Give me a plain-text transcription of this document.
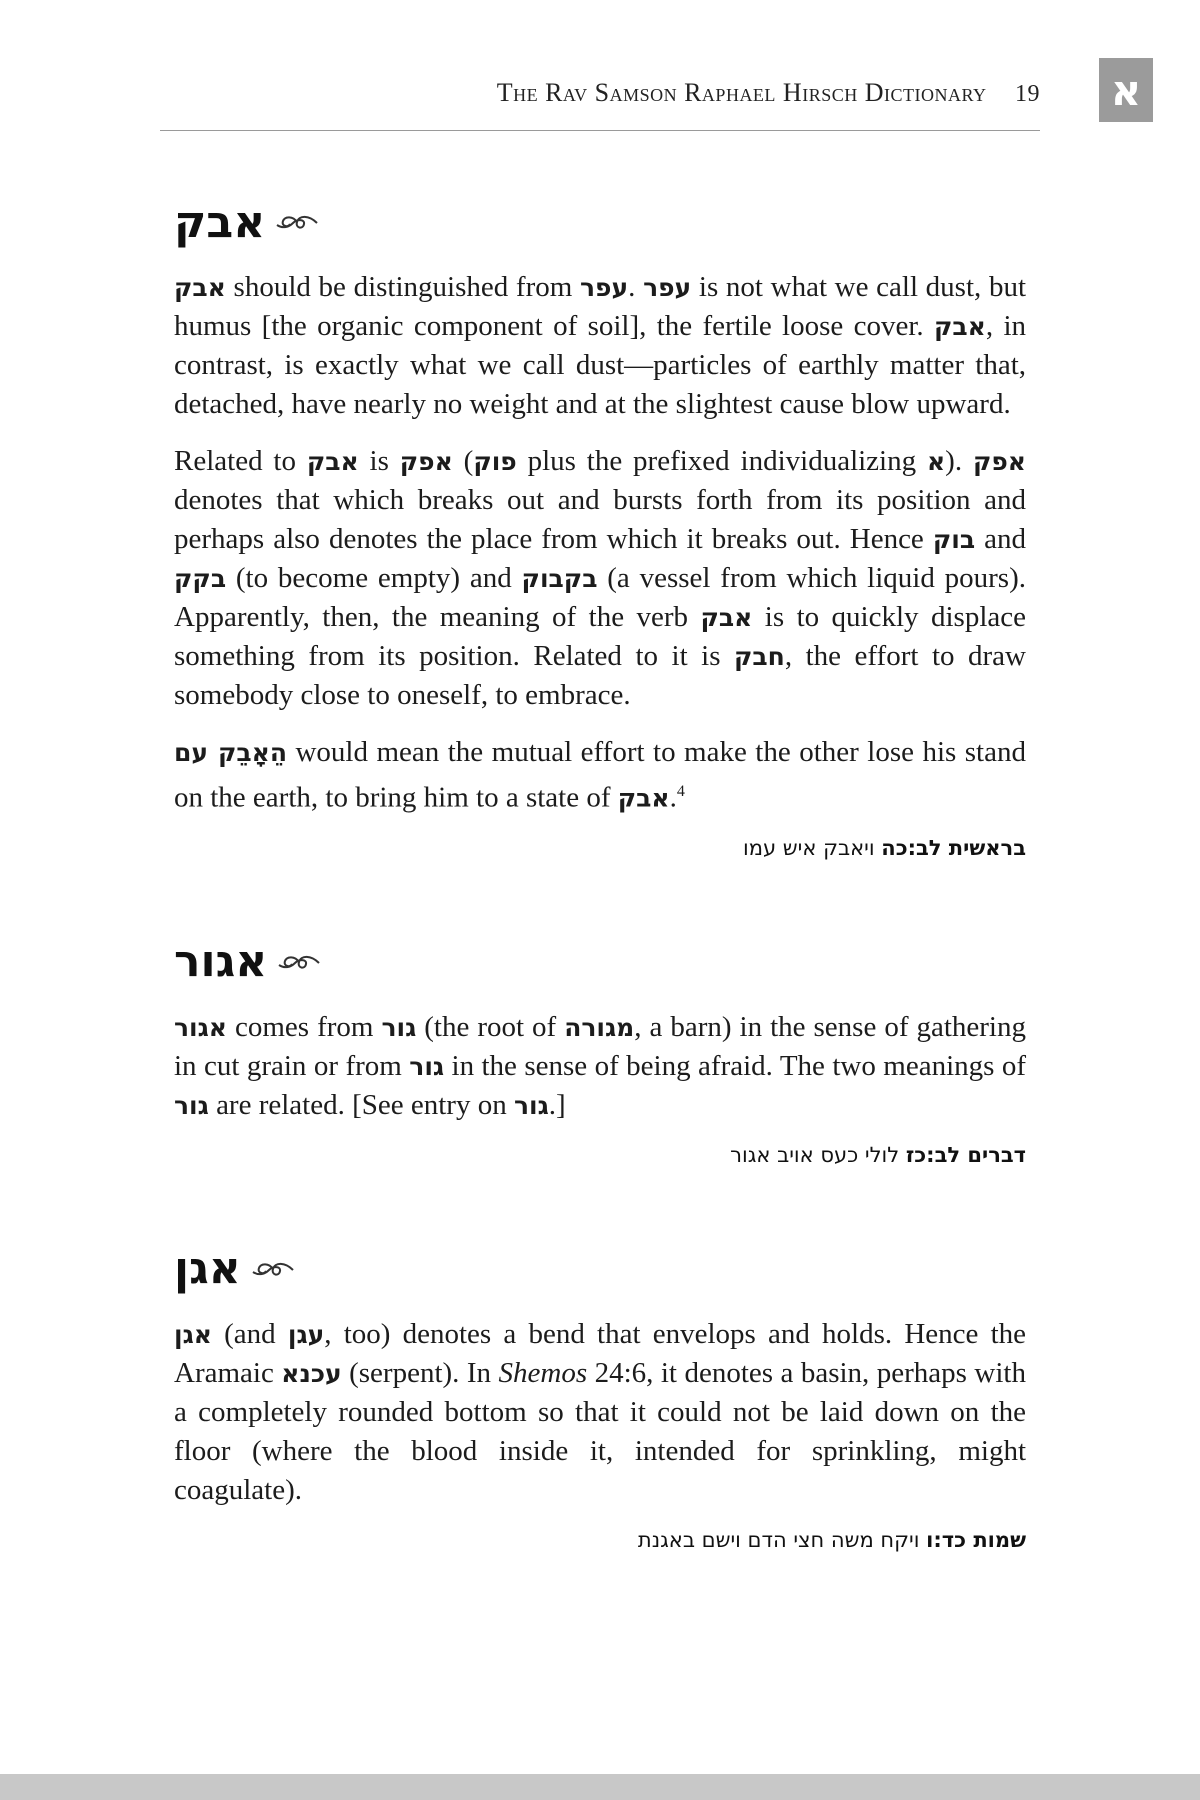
The Rav Samson Raphael Hirsch Dictionary 19 א
אבק

אבק should be distinguished from עפר. עפר is not what we call dust, but humus [the organic component of soil], the fertile loose cover. אבק, in contrast, is exactly what we call dust—particles of earthly matter that, detached, have nearly no weight and at the slightest cause blow upward.

Related to אבק is אפק (פוק plus the prefixed individualizing א). אפק denotes that which breaks out and bursts forth from its position and perhaps also denotes the place from which it breaks out. Hence בוק and בקק (to become empty) and בקבוק (a vessel from which liquid pours). Apparently, then, the meaning of the verb אבק is to quickly displace something from its position. Related to it is חבק, the effort to draw somebody close to oneself, to embrace.

הֵאָבֵק עם would mean the mutual effort to make the other lose his stand on the earth, to bring him to a state of אבק.$^4$

בראשית לב:כה ויאבק איש עמו
אגור

אגור comes from גור (the root of מגורה, a barn) in the sense of gathering in cut grain or from גור in the sense of being afraid. The two meanings of גור are related. [See entry on גור.]

דברים לב:כז לולי כעס אויב אגור
אגן

אגן (and עגן, too) denotes a bend that envelops and holds. Hence the Aramaic עכנא (serpent). In Shemos 24:6, it denotes a basin, perhaps with a completely rounded bottom so that it could not be laid down on the floor (where the blood inside it, intended for sprinkling, might coagulate).

שמות כד:ו ויקח משה חצי הדם וישם באגנת
